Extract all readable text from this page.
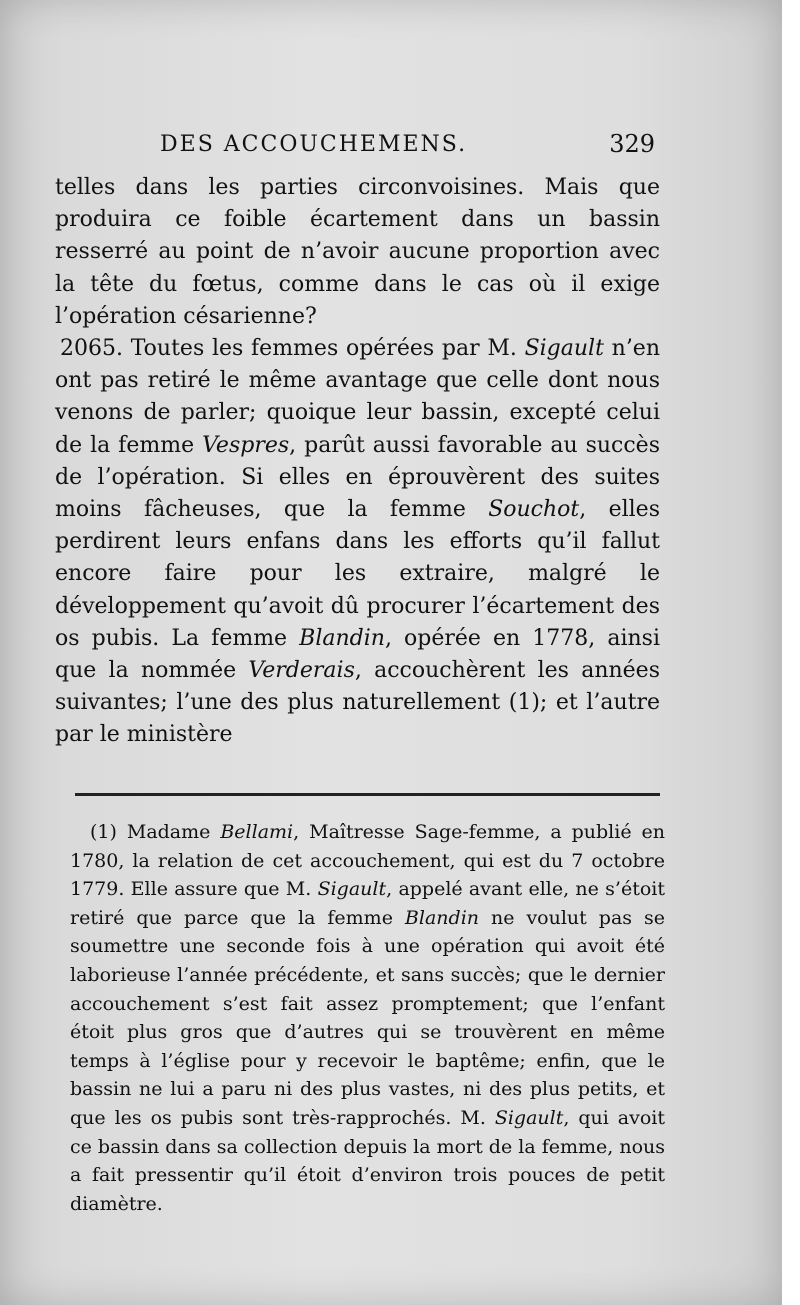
DES ACCOUCHEMENS.	329

telles dans les parties circonvoisines. Mais que produira ce foible écartement dans un bassin resserré au point de n’avoir aucune proportion avec la tête du fœtus, comme dans le cas où il exige l’opération césarienne?

2065. Toutes les femmes opérées par M. Sigault n’en ont pas retiré le même avantage que celle dont nous venons de parler; quoique leur bassin, excepté celui de la femme Vespres, parût aussi favorable au succès de l’opération. Si elles en éprouvèrent des suites moins fâcheuses, que la femme Souchot, elles perdirent leurs enfans dans les efforts qu’il fallut encore faire pour les extraire, malgré le développement qu’avoit dû procurer l’écartement des os pubis. La femme Blandin, opérée en 1778, ainsi que la nommée Verderais, accouchèrent les années suivantes; l’une des plus naturellement (1); et l’autre par le ministère

(1) Madame Bellami, Maîtresse Sage-femme, a publié en 1780, la relation de cet accouchement, qui est du 7 octobre 1779. Elle assure que M. Sigault, appelé avant elle, ne s’étoit retiré que parce que la femme Blandin ne voulut pas se soumettre une seconde fois à une opération qui avoit été laborieuse l’année précédente, et sans succès; que le dernier accouchement s’est fait assez promptement; que l’enfant étoit plus gros que d’autres qui se trouvèrent en même temps à l’église pour y recevoir le baptême; enfin, que le bassin ne lui a paru ni des plus vastes, ni des plus petits, et que les os pubis sont très-rapprochés. M. Sigault, qui avoit ce bassin dans sa collection depuis la mort de la femme, nous a fait pressentir qu’il étoit d’environ trois pouces de petit diamètre.
